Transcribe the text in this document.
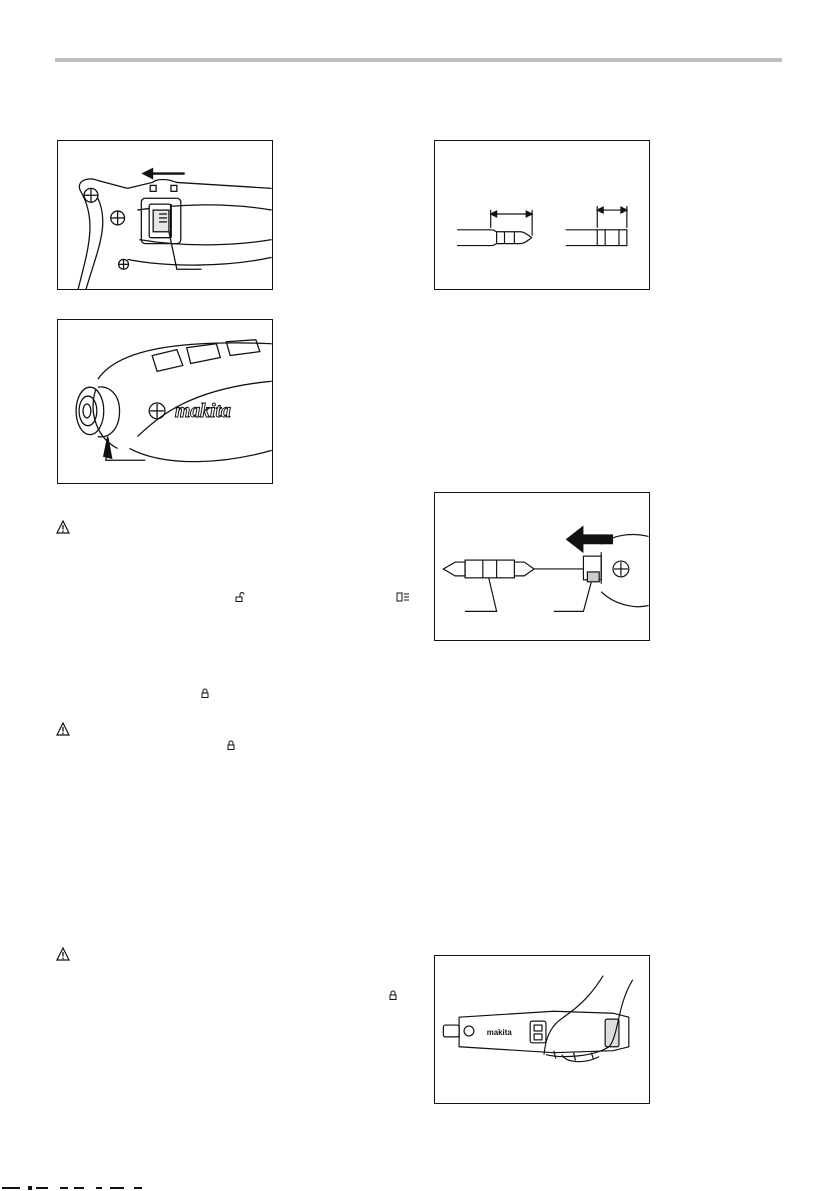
makita
makita
